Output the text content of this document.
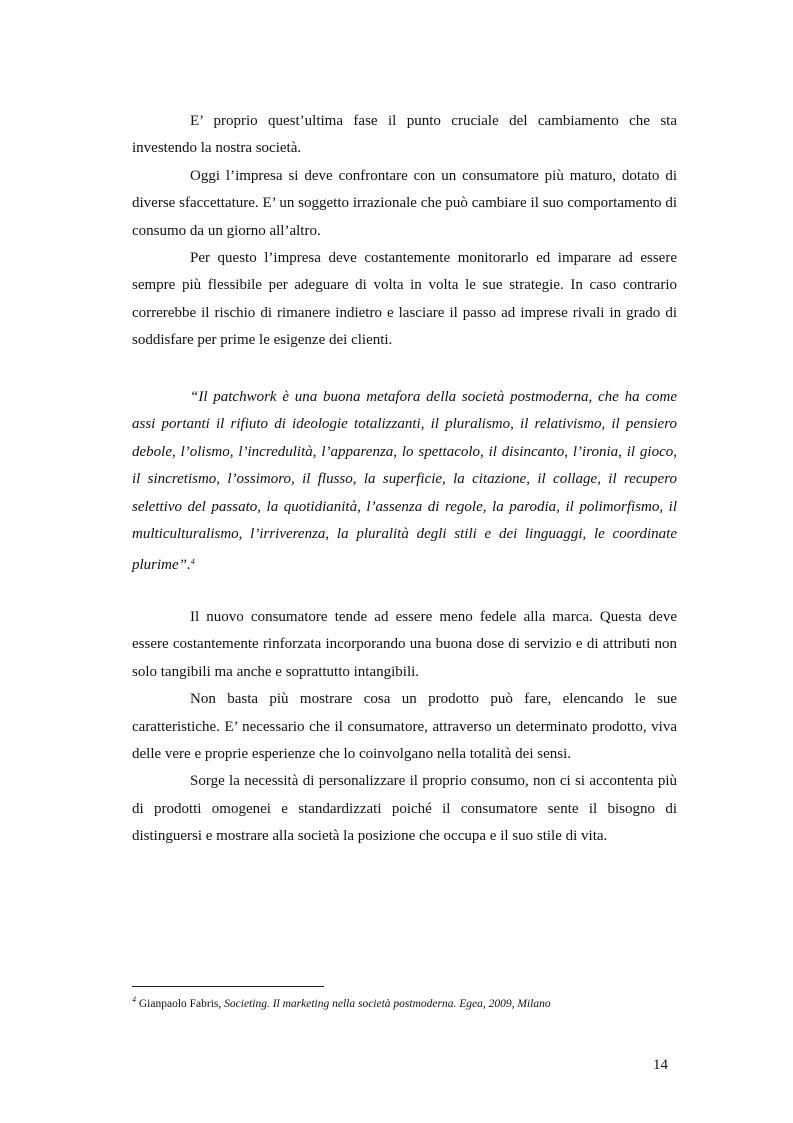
E’ proprio quest’ultima fase il punto cruciale del cambiamento che sta investendo la nostra società.

Oggi l’impresa si deve confrontare con un consumatore più maturo, dotato di diverse sfaccettature. E’ un soggetto irrazionale che può cambiare il suo comportamento di consumo da un giorno all’altro.

Per questo l’impresa deve costantemente monitorarlo ed imparare ad essere sempre più flessibile per adeguare di volta in volta le sue strategie. In caso contrario correrebbe il rischio di rimanere indietro e lasciare il passo ad imprese rivali in grado di soddisfare per prime le esigenze dei clienti.

“Il patchwork è una buona metafora della società postmoderna, che ha come assi portanti il rifiuto di ideologie totalizzanti, il pluralismo, il relativismo, il pensiero debole, l’olismo, l’incredulità, l’apparenza, lo spettacolo, il disincanto, l’ironia, il gioco, il sincretismo, l’ossimoro, il flusso, la superficie, la citazione, il collage, il recupero selettivo del passato, la quotidianità, l’assenza di regole, la parodia, il polimorfismo, il multiculturalismo, l’irriverenza, la pluralità degli stili e dei linguaggi, le coordinate plurime”.$^4$

Il nuovo consumatore tende ad essere meno fedele alla marca. Questa deve essere costantemente rinforzata incorporando una buona dose di servizio e di attributi non solo tangibili ma anche e soprattutto intangibili.

Non basta più mostrare cosa un prodotto può fare, elencando le sue caratteristiche. E’ necessario che il consumatore, attraverso un determinato prodotto, viva delle vere e proprie esperienze che lo coinvolgano nella totalità dei sensi.

Sorge la necessità di personalizzare il proprio consumo, non ci si accontenta più di prodotti omogenei e standardizzati poiché il consumatore sente il bisogno di distinguersi e mostrare alla società la posizione che occupa e il suo stile di vita.

$^4$ Gianpaolo Fabris, Societing. Il marketing nella società postmoderna. Egea, 2009, Milano
14
